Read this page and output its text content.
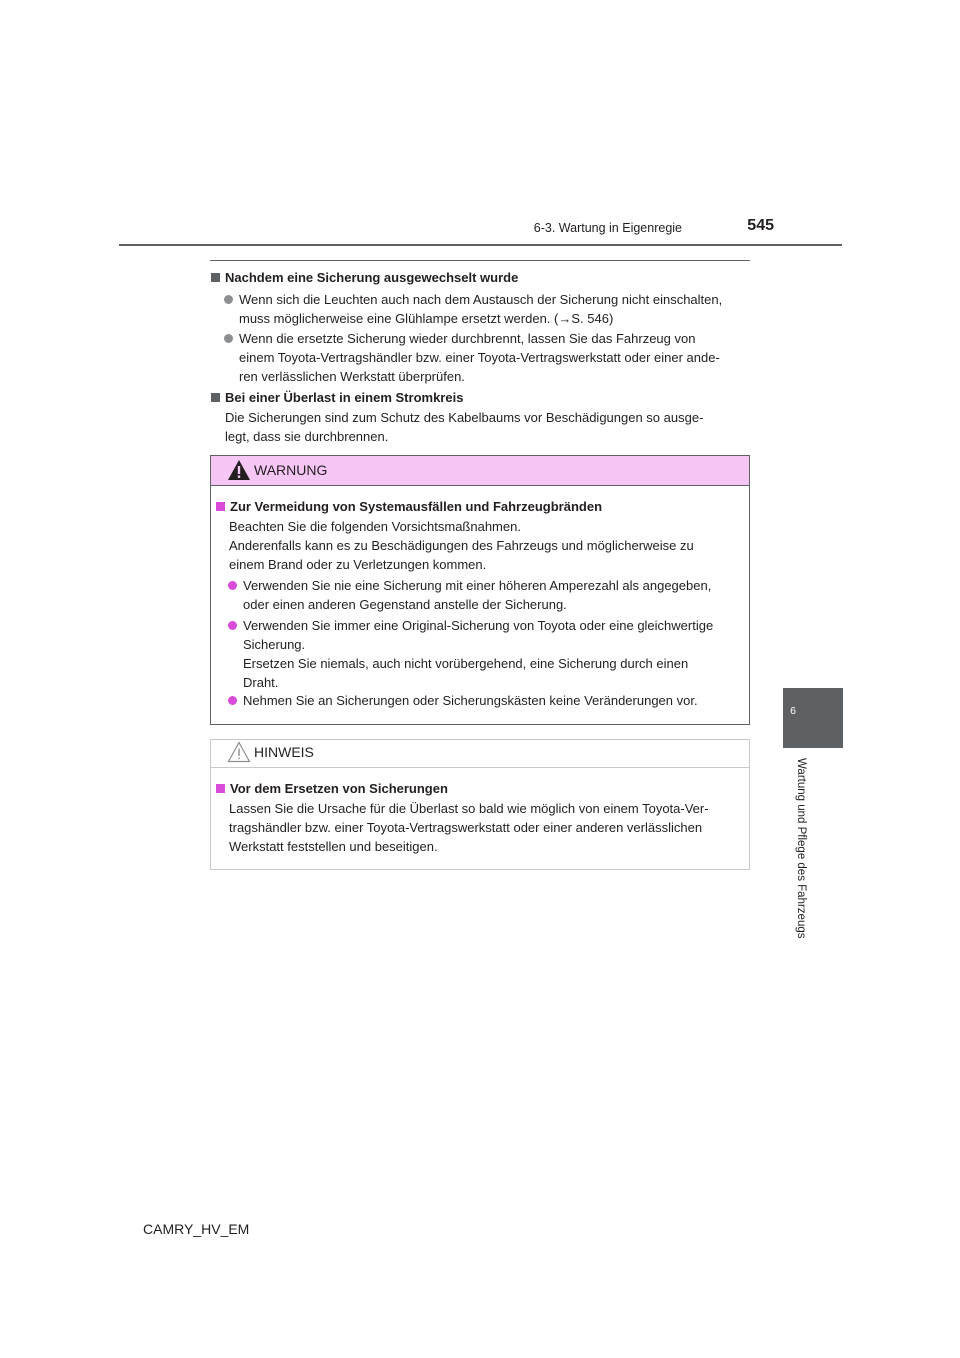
6-3. Wartung in Eigenregie	545
6
Wartung und Pflege des Fahrzeugs
Nachdem eine Sicherung ausgewechselt wurde
Wenn sich die Leuchten auch nach dem Austausch der Sicherung nicht einschalten,
muss möglicherweise eine Glühlampe ersetzt werden. (→S. 546)
Wenn die ersetzte Sicherung wieder durchbrennt, lassen Sie das Fahrzeug von
einem Toyota-Vertragshändler bzw. einer Toyota-Vertragswerkstatt oder einer ande-
ren verlässlichen Werkstatt überprüfen.
Bei einer Überlast in einem Stromkreis
Die Sicherungen sind zum Schutz des Kabelbaums vor Beschädigungen so ausge-
legt, dass sie durchbrennen.
WARNUNG
Zur Vermeidung von Systemausfällen und Fahrzeugbränden
Beachten Sie die folgenden Vorsichtsmaßnahmen.
Anderenfalls kann es zu Beschädigungen des Fahrzeugs und möglicherweise zu
einem Brand oder zu Verletzungen kommen.
Verwenden Sie nie eine Sicherung mit einer höheren Amperezahl als angegeben,
oder einen anderen Gegenstand anstelle der Sicherung.
Verwenden Sie immer eine Original-Sicherung von Toyota oder eine gleichwertige
Sicherung.
Ersetzen Sie niemals, auch nicht vorübergehend, eine Sicherung durch einen
Draht.
Nehmen Sie an Sicherungen oder Sicherungskästen keine Veränderungen vor.
HINWEIS
Vor dem Ersetzen von Sicherungen
Lassen Sie die Ursache für die Überlast so bald wie möglich von einem Toyota-Ver-
tragshändler bzw. einer Toyota-Vertragswerkstatt oder einer anderen verlässlichen
Werkstatt feststellen und beseitigen.
CAMRY_HV_EM
